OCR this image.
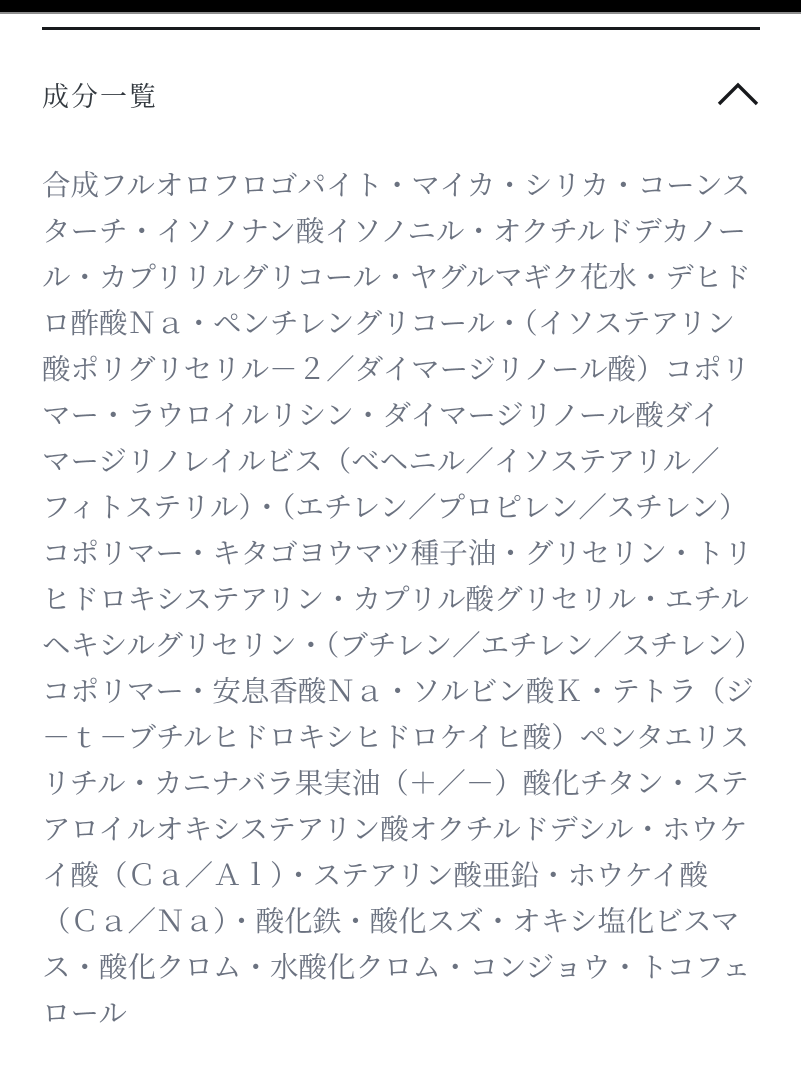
成分一覧

合成フルオロフロゴパイト・マイカ・シリカ・コーンスターチ・イソノナン酸イソノニル・オクチルドデカノール・カプリリルグリコール・ヤグルマギク花水・デヒドロ酢酸Ｎａ・ペンチレングリコール・（イソステアリン酸ポリグリセリル－２／ダイマージリノール酸）コポリマー・ラウロイルリシン・ダイマージリノール酸ダイマージリノレイルビス（ベヘニル／イソステアリル／フィトステリル）・（エチレン／プロピレン／スチレン）コポリマー・キタゴヨウマツ種子油・グリセリン・トリヒドロキシステアリン・カプリル酸グリセリル・エチルヘキシルグリセリン・（ブチレン／エチレン／スチレン）コポリマー・安息香酸Ｎａ・ソルビン酸Ｋ・テトラ（ジ－ｔ－ブチルヒドロキシヒドロケイヒ酸）ペンタエリスリチル・カニナバラ果実油（＋／－）酸化チタン・ステアロイルオキシステアリン酸オクチルドデシル・ホウケイ酸（Ｃａ／Ａｌ）・ステアリン酸亜鉛・ホウケイ酸（Ｃａ／Ｎａ）・酸化鉄・酸化スズ・オキシ塩化ビスマス・酸化クロム・水酸化クロム・コンジョウ・トコフェロール
